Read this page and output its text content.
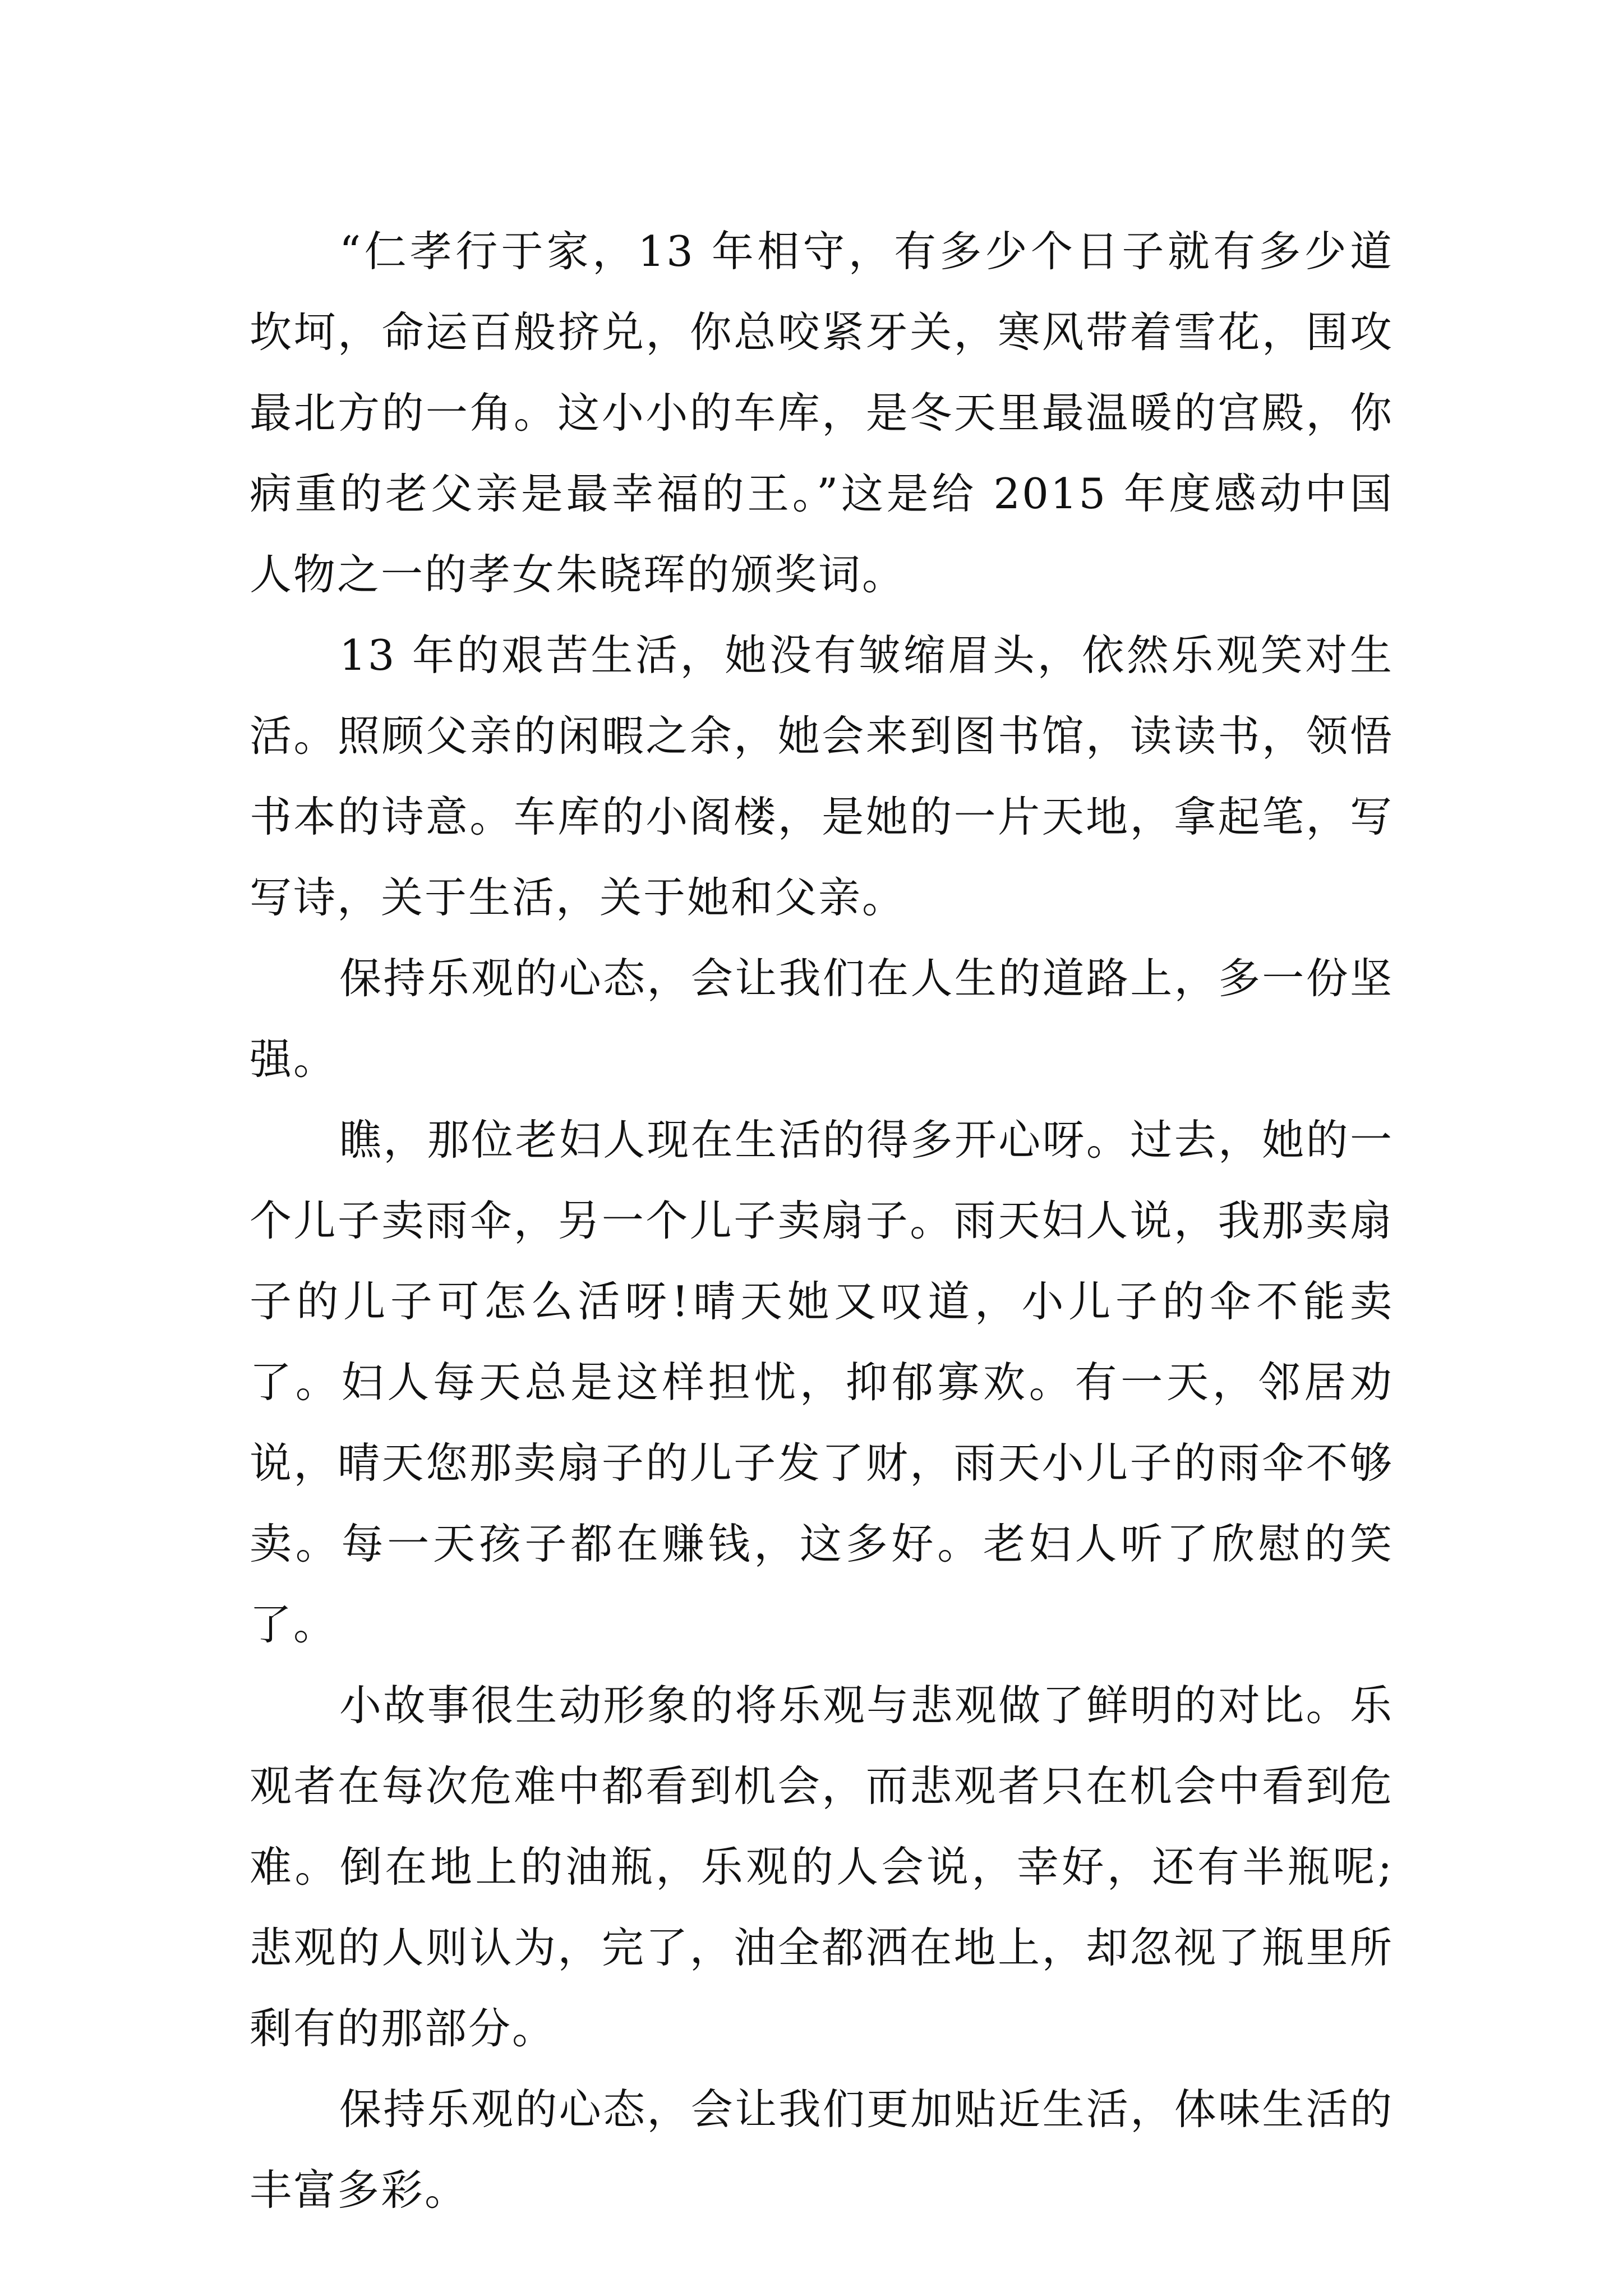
“仁孝行于家，13 年相守，有多少个日子就有多少道坎坷，命运百般挤兑，你总咬紧牙关，寒风带着雪花，围攻最北方的一角。这小小的车库，是冬天里最温暖的宫殿，你病重的老父亲是最幸福的王。”这是给 2015 年度感动中国人物之一的孝女朱晓珲的颁奖词。

13 年的艰苦生活，她没有皱缩眉头，依然乐观笑对生活。照顾父亲的闲暇之余，她会来到图书馆，读读书，领悟书本的诗意。车库的小阁楼，是她的一片天地，拿起笔，写写诗，关于生活，关于她和父亲。

保持乐观的心态，会让我们在人生的道路上，多一份坚强。

瞧，那位老妇人现在生活的得多开心呀。过去，她的一个儿子卖雨伞，另一个儿子卖扇子。雨天妇人说，我那卖扇子的儿子可怎么活呀!晴天她又叹道，小儿子的伞不能卖了。妇人每天总是这样担忧，抑郁寡欢。有一天，邻居劝说，晴天您那卖扇子的儿子发了财，雨天小儿子的雨伞不够卖。每一天孩子都在赚钱，这多好。老妇人听了欣慰的笑了。

小故事很生动形象的将乐观与悲观做了鲜明的对比。乐观者在每次危难中都看到机会，而悲观者只在机会中看到危难。倒在地上的油瓶，乐观的人会说，幸好，还有半瓶呢;悲观的人则认为，完了，油全都洒在地上，却忽视了瓶里所剩有的那部分。

保持乐观的心态，会让我们更加贴近生活，体味生活的丰富多彩。
